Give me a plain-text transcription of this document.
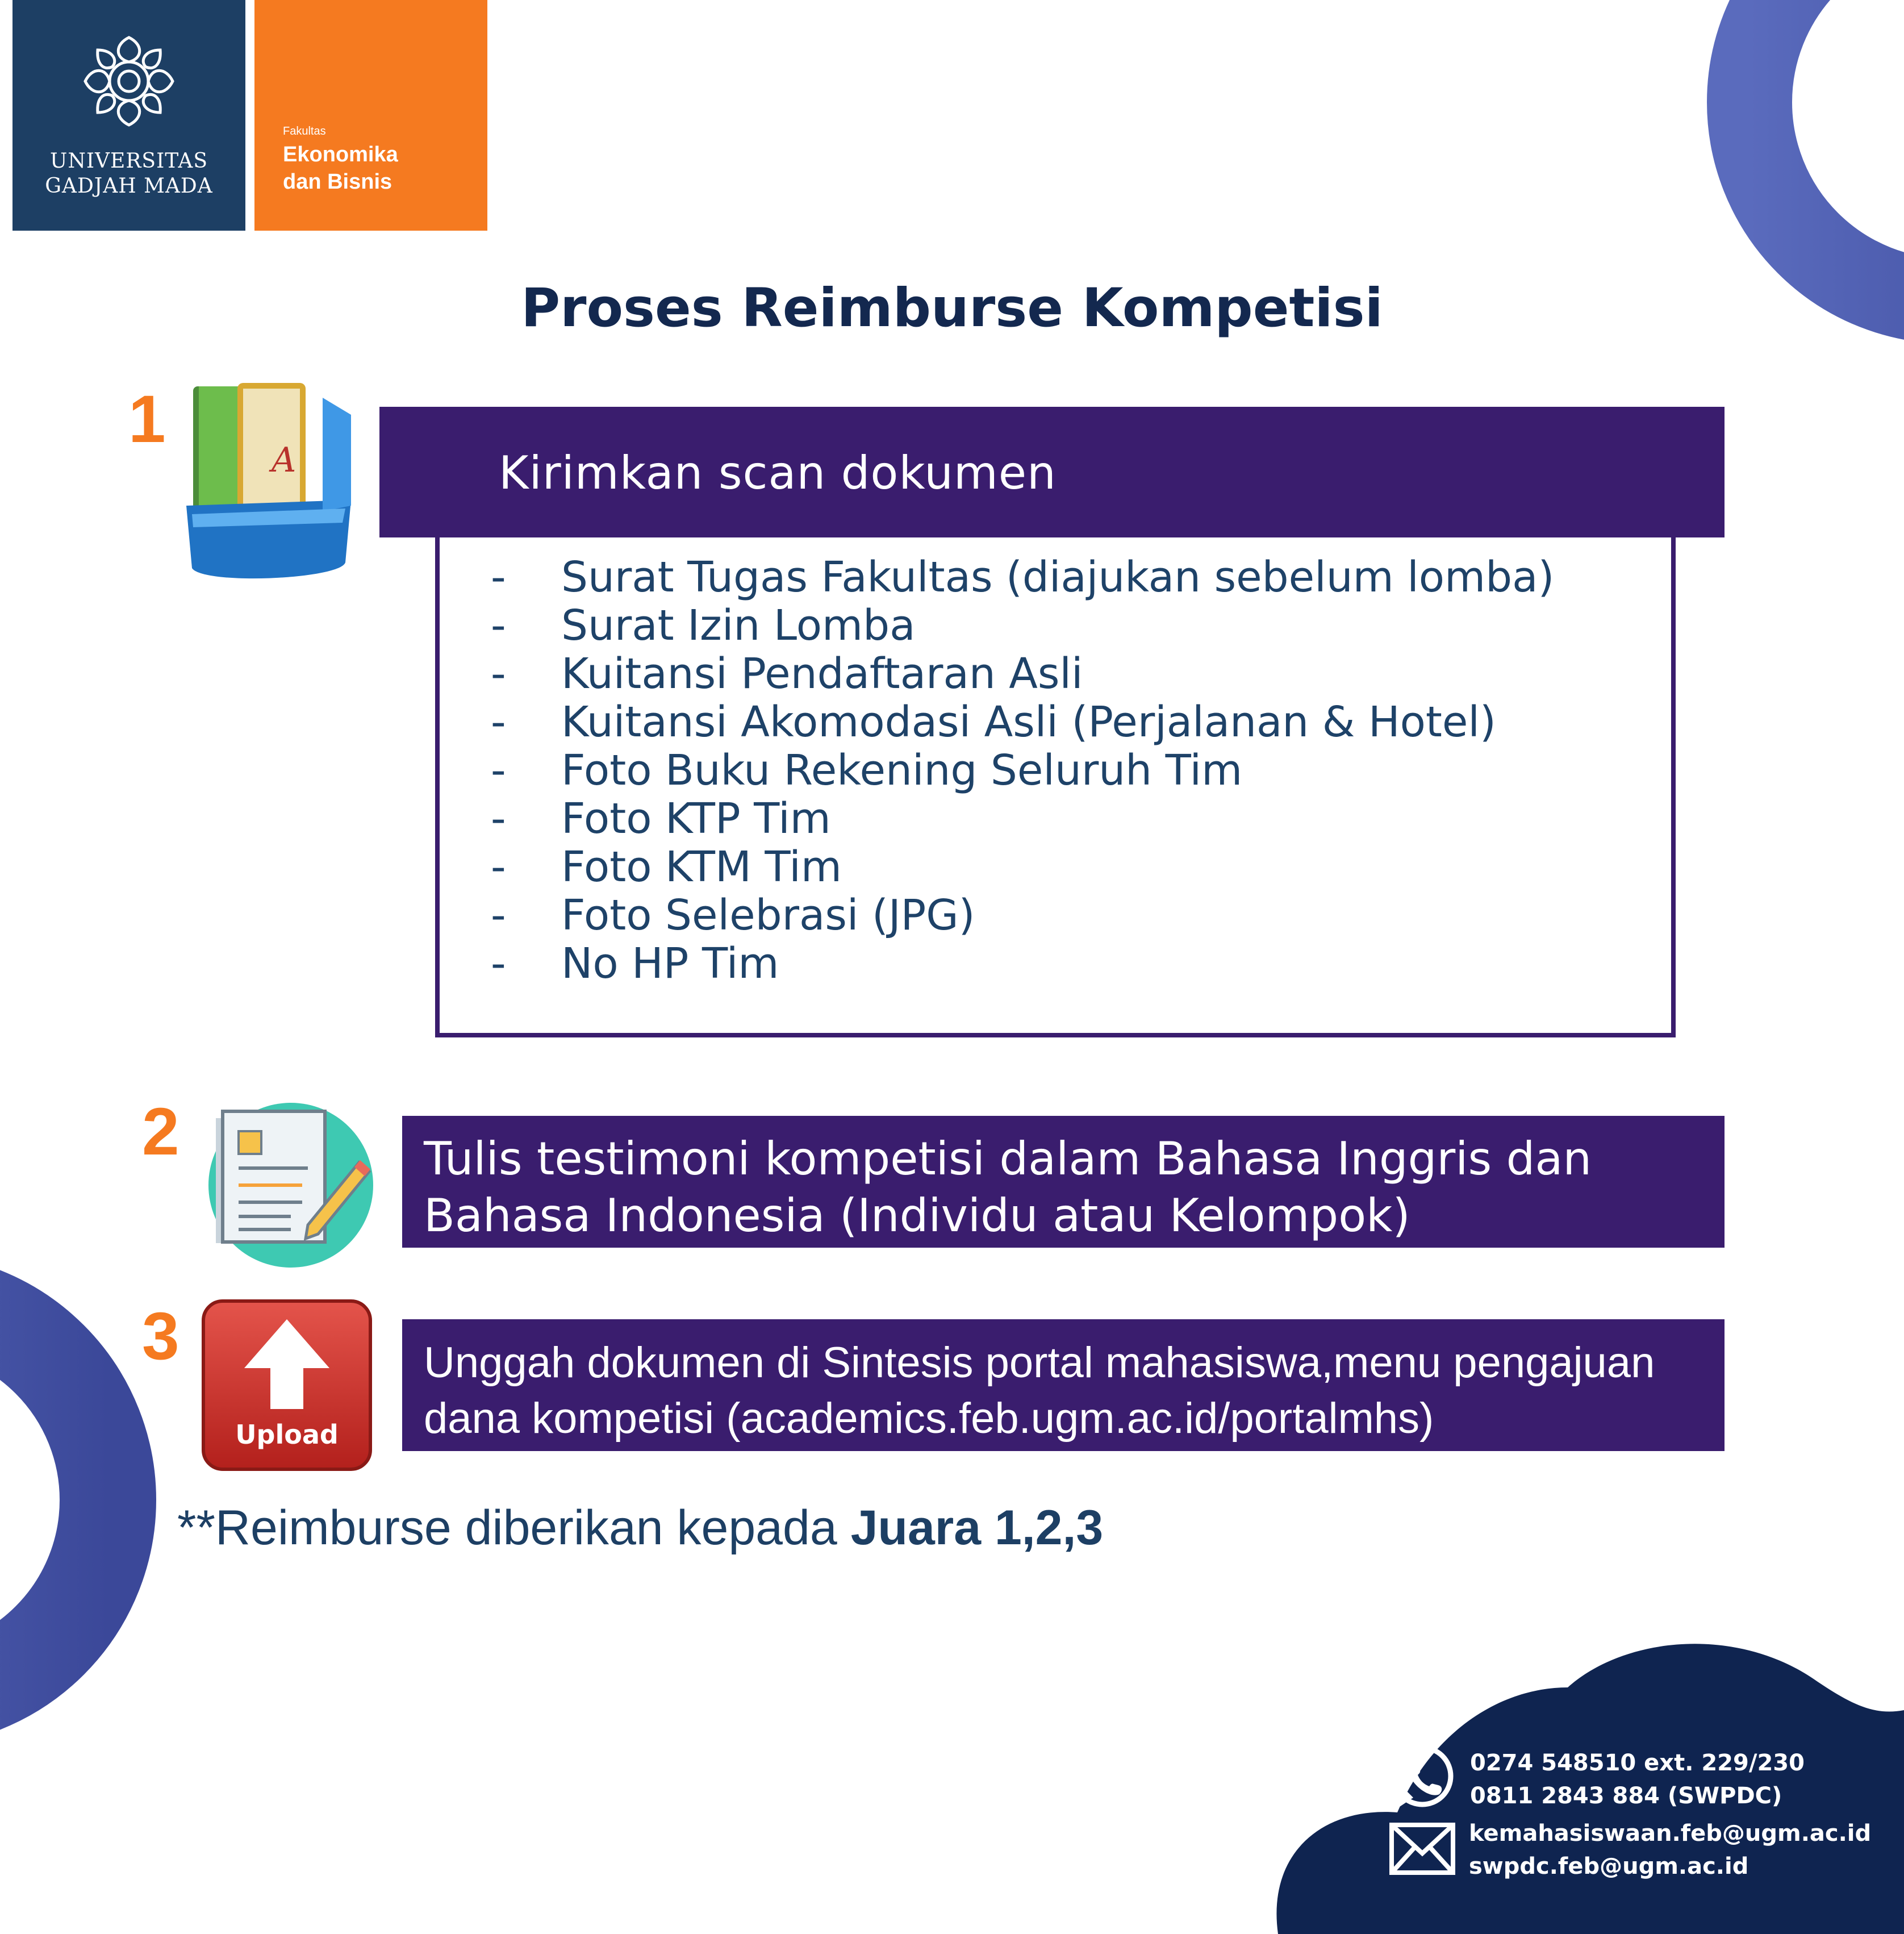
UNIVERSITAS
GADJAH MADA
Fakultas
Ekonomika
dan Bisnis
Proses Reimburse Kompetisi
1
A	Kirimkan scan dokumen
- Surat Tugas Fakultas (diajukan sebelum lomba)
- Surat Izin Lomba
- Kuitansi Pendaftaran Asli
- Kuitansi Akomodasi Asli (Perjalanan & Hotel)
- Foto Buku Rekening Seluruh Tim
- Foto KTP Tim
- Foto KTM Tim
- Foto Selebrasi (JPG)
- No HP Tim
2	Tulis testimoni kompetisi dalam Bahasa Inggris dan
Bahasa Indonesia (Individu atau Kelompok)
3
Upload
Unggah dokumen di Sintesis portal mahasiswa,menu pengajuan
dana kompetisi (academics.feb.ugm.ac.id/portalmhs)
**Reimburse diberikan kepada Juara 1,2,3
0274 548510 ext. 229/230
0811 2843 884 (SWPDC)
kemahasiswaan.feb@ugm.ac.id
swpdc.feb@ugm.ac.id
